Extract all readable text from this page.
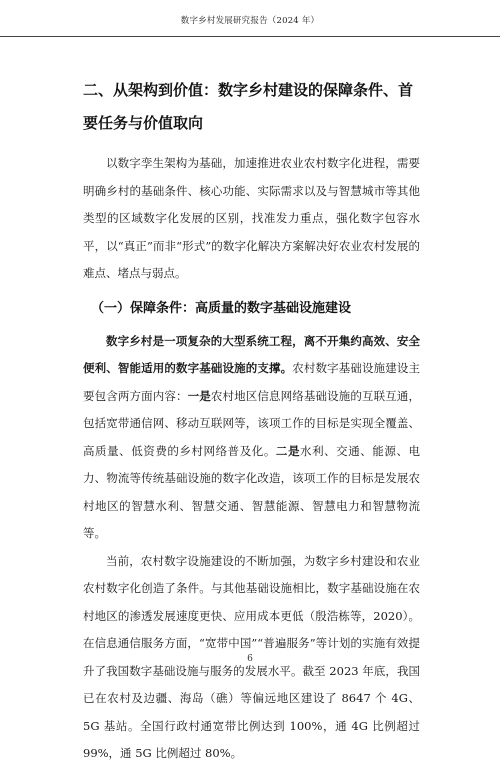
数字乡村发展研究报告（2024 年）
二、从架构到价值：数字乡村建设的保障条件、首要任务与价值取向

以数字孪生架构为基础，加速推进农业农村数字化进程，需要明确乡村的基础条件、核心功能、实际需求以及与智慧城市等其他类型的区域数字化发展的区别，找准发力重点，强化数字包容水平，以“真正”而非“形式”的数字化解决方案解决好农业农村发展的难点、堵点与弱点。

（一）保障条件：高质量的数字基础设施建设

数字乡村是一项复杂的大型系统工程，离不开集约高效、安全便利、智能适用的数字基础设施的支撑。农村数字基础设施建设主要包含两方面内容：一是农村地区信息网络基础设施的互联互通，包括宽带通信网、移动互联网等，该项工作的目标是实现全覆盖、高质量、低资费的乡村网络普及化。二是水利、交通、能源、电力、物流等传统基础设施的数字化改造，该项工作的目标是发展农村地区的智慧水利、智慧交通、智慧能源、智慧电力和智慧物流等。

当前，农村数字设施建设的不断加强，为数字乡村建设和农业农村数字化创造了条件。与其他基础设施相比，数字基础设施在农村地区的渗透发展速度更快、应用成本更低（殷浩栋等，2020）。在信息通信服务方面，“宽带中国”“普遍服务”等计划的实施有效提升了我国数字基础设施与服务的发展水平。截至 2023 年底，我国已在农村及边疆、海岛（礁）等偏远地区建设了 8647 个 4G、5G 基站。全国行政村通宽带比例达到 100%，通 4G 比例超过 99%，通 5G 比例超过 80%。

6
